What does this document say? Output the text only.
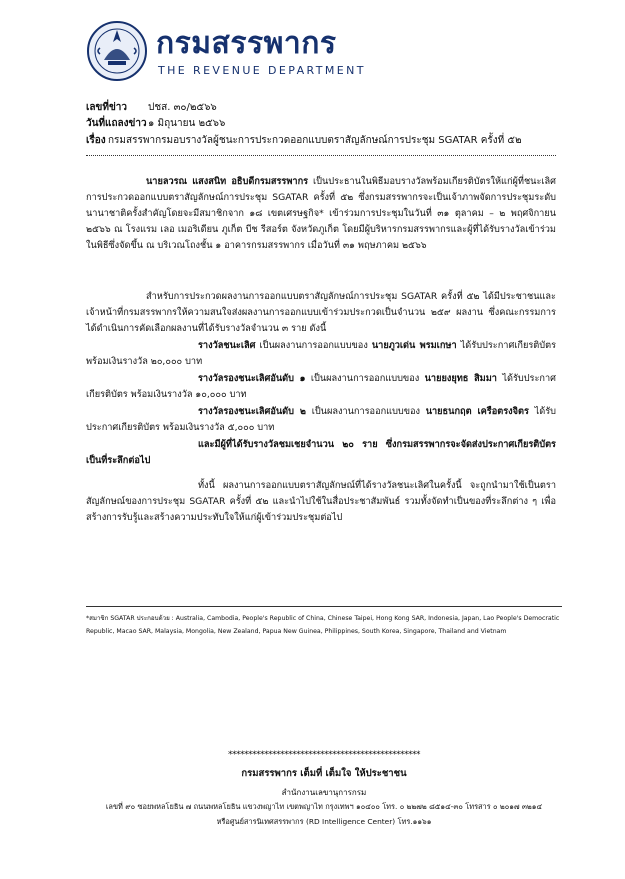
กรมสรรพากร
THE REVENUE DEPARTMENT
เลขที่ข่าว ปชส. ๓๐/๒๕๖๖
วันที่แถลงข่าว๑ มิถุนายน ๒๕๖๖
เรื่อง กรมสรรพากรมอบรางวัลผู้ชนะการประกวดออกแบบตราสัญลักษณ์การประชุม SGATAR ครั้งที่ ๕๒
นายลวรณ แสงสนิท อธิบดีกรมสรรพากร เป็นประธานในพิธีมอบรางวัลพร้อมเกียรติบัตรให้แก่ผู้ที่ชนะเลิศการประกวดออกแบบตราสัญลักษณ์การประชุม SGATAR ครั้งที่ ๕๒ ซึ่งกรมสรรพากรจะเป็นเจ้าภาพจัดการประชุมระดับนานาชาติครั้งสำคัญโดยจะมีสมาชิกจาก ๑๘ เขตเศรษฐกิจ* เข้าร่วมการประชุมในวันที่ ๓๑ ตุลาคม – ๒ พฤศจิกายน ๒๕๖๖ ณ โรงแรม เลอ เมอริเดียน ภูเก็ต บีช รีสอร์ต จังหวัดภูเก็ต โดยมีผู้บริหารกรมสรรพากรและผู้ที่ได้รับรางวัลเข้าร่วมในพิธีซึ่งจัดขึ้น ณ บริเวณโถงชั้น ๑ อาคารกรมสรรพากร เมื่อวันที่ ๓๑ พฤษภาคม ๒๕๖๖
สำหรับการประกวดผลงานการออกแบบตราสัญลักษณ์การประชุม SGATAR ครั้งที่ ๕๒ ได้มีประชาชนและเจ้าหน้าที่กรมสรรพากรให้ความสนใจส่งผลงานการออกแบบเข้าร่วมประกวดเป็นจำนวน ๒๕๙ ผลงาน ซึ่งคณะกรรมการได้ดำเนินการคัดเลือกผลงานที่ได้รับรางวัลจำนวน ๓ ราย ดังนี้
รางวัลชนะเลิศ เป็นผลงานการออกแบบของ นายภูวเด่น พรมเกษา ได้รับประกาศเกียรติบัตร พร้อมเงินรางวัล ๒๐,๐๐๐ บาท
รางวัลรองชนะเลิศอันดับ ๑ เป็นผลงานการออกแบบของ นายยงยุทธ สิมมา ได้รับประกาศเกียรติบัตร พร้อมเงินรางวัล ๑๐,๐๐๐ บาท
รางวัลรองชนะเลิศอันดับ ๒ เป็นผลงานการออกแบบของ นายธนกฤต เครือตรงจิตร ได้รับประกาศเกียรติบัตร พร้อมเงินรางวัล ๕,๐๐๐ บาท
และมีผู้ที่ได้รับรางวัลชมเชยจำนวน ๒๐ ราย ซึ่งกรมสรรพากรจะจัดส่งประกาศเกียรติบัตรเป็นที่ระลึกต่อไป
ทั้งนี้ ผลงานการออกแบบตราสัญลักษณ์ที่ได้รางวัลชนะเลิศในครั้งนี้ จะถูกนำมาใช้เป็นตราสัญลักษณ์ของการประชุม SGATAR ครั้งที่ ๕๒ และนำไปใช้ในสื่อประชาสัมพันธ์ รวมทั้งจัดทำเป็นของที่ระลึกต่าง ๆ เพื่อสร้างการรับรู้และสร้างความประทับใจให้แก่ผู้เข้าร่วมประชุมต่อไป
*สมาชิก SGATAR ประกอบด้วย : Australia, Cambodia, People's Republic of China, Chinese Taipei, Hong Kong SAR, Indonesia, Japan, Lao People's Democratic Republic, Macao SAR, Malaysia, Mongolia, New Zealand, Papua New Guinea, Philippines, South Korea, Singapore, Thailand and Vietnam
************************************************
กรมสรรพากร เต็มที่ เต็มใจ ให้ประชาชน
สำนักงานเลขานุการกรม
เลขที่ ๙๐ ซอยพหลโยธิน ๗ ถนนพหลโยธิน แขวงพญาไท เขตพญาไท กรุงเทพฯ ๑๐๔๐๐ โทร. ๐ ๒๒๗๒ ๘๕๑๔-๓๐ โทรสาร ๐ ๒๐๑๗ ๓๒๑๔
หรือศูนย์สารนิเทศสรรพากร (RD Intelligence Center) โทร.๑๑๖๑
